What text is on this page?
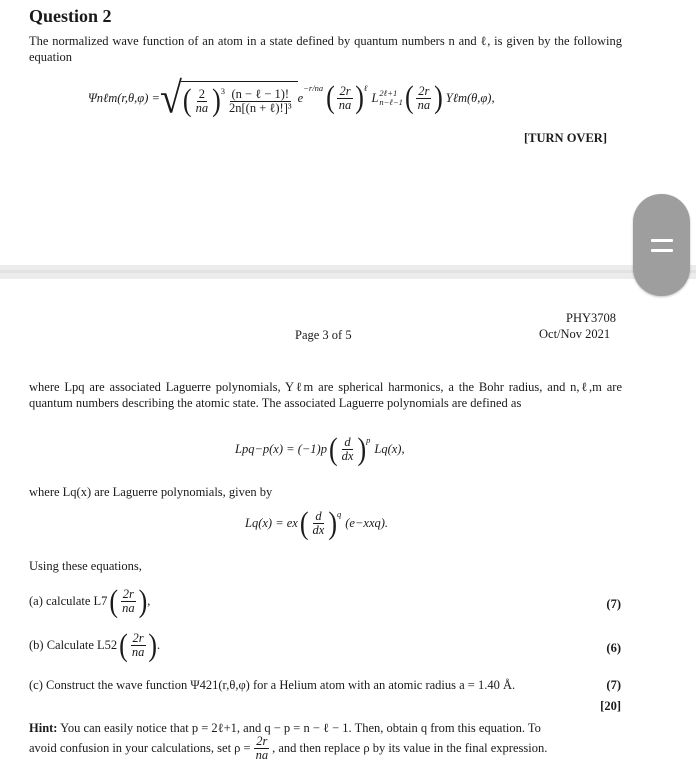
Question 2
The normalized wave function of an atom in a state defined by quantum numbers n and ℓ, is given by the following equation
Ψnℓm(r,θ,φ) = √ ( $\frac{2}{na}$ ) $3 \frac{\text{(n − ℓ − 1)!}}{\text{2n[(n + ℓ)!]³}}$ e
−r/na ( $\frac{2r}{na}$ ) ℓ
L 2ℓ+1
n−ℓ−1 ( $\frac{2r}{na}$ ) Yℓm(θ,φ),
[TURN OVER]
PHY3708
Page 3 of 5	Oct/Nov 2021
where Lpq are associated Laguerre polynomials, Yℓm are spherical harmonics, a the Bohr radius, and n,ℓ,m are quantum numbers describing the atomic state. The associated Laguerre polynomials are defined as
Lpq−p(x) = (−1)p ( $\frac{d}{dx}$ ) p
Lq(x),
where Lq(x) are Laguerre polynomials, given by
Lq(x) = ex ( $\frac{d}{dx}$ ) q
(e−xxq).
Using these equations,
(a) calculate L7 ( $\frac{2r}{na}$ ) ,	(7)
(b) Calculate L52 ( $\frac{2r}{na}$ ) .	(6)
(c) Construct the wave function Ψ421(r,θ,φ) for a Helium atom with an atomic radius a = 1.40 Å.	(7)
[20]
Hint: You can easily notice that p = 2ℓ+1, and q − p = n − ℓ − 1. Then, obtain q from this equation. To
avoid confusion in your calculations, set $\rho = \frac{2r}{na}$ , and then replace ρ by its value in the final expression.
